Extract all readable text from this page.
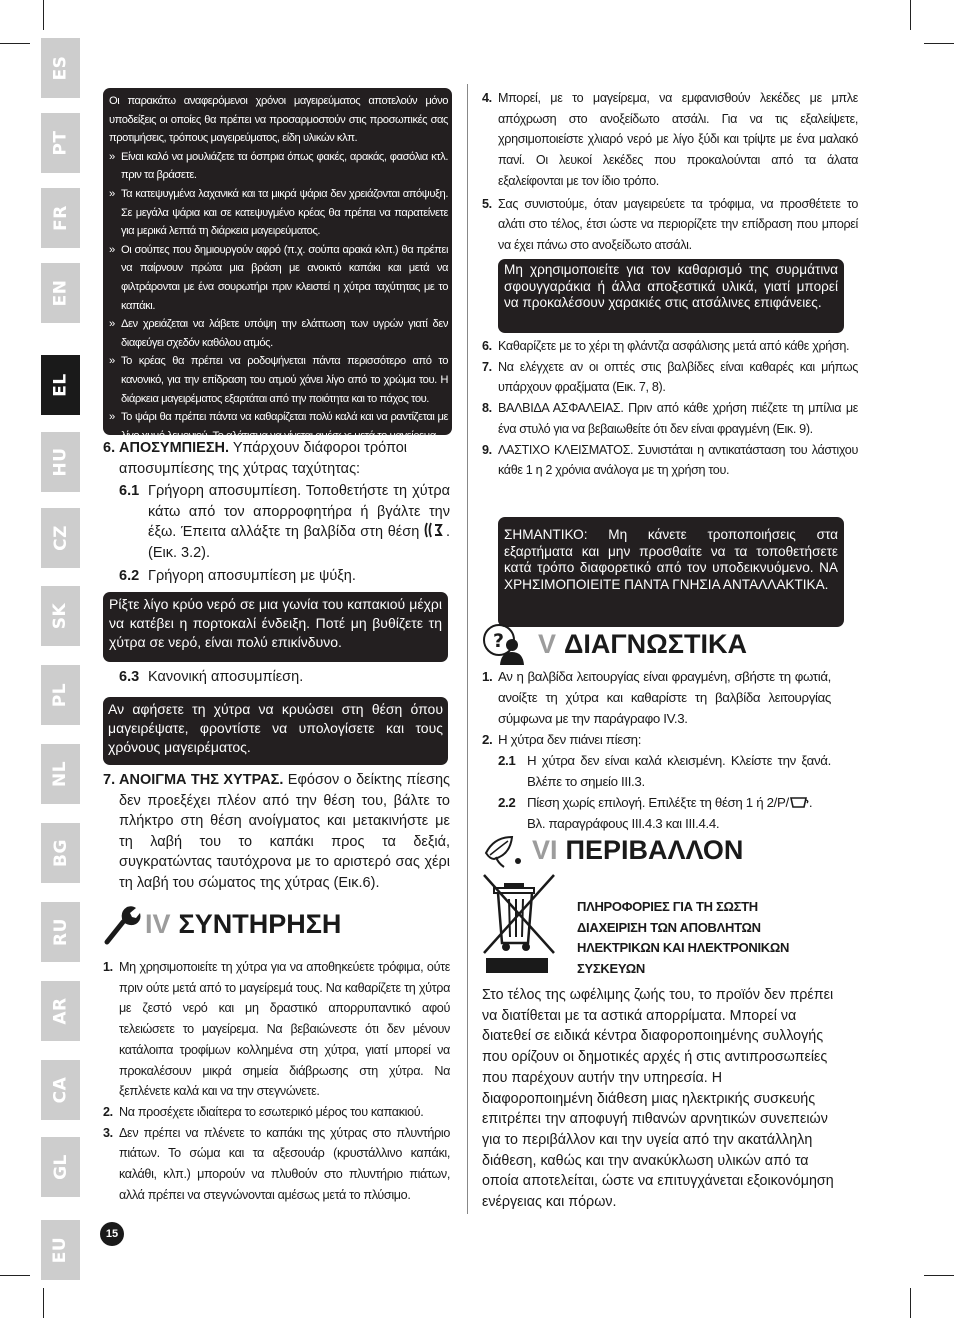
ES
PT
FR
EN
EL
HU
CZ
SK
PL
NL
BG
RU
AR
CA
GL
EU
15

Οι παρακάτω αναφερόμενοι χρόνοι μαγειρεύματος αποτελούν μόνο υποδείξεις οι οποίες θα πρέπει να προσαρμοστούν στις προσωπικές σας προτιμήσεις, τρόπους μαγειρεύματος, είδη υλικών κλπ.

» Είναι καλό να μουλιάζετε τα όσπρια όπως φακές, αρακάς, φασόλια κτλ. πριν τα βράσετε.
» Τα κατεψυγμένα λαχανικά και τα μικρά ψάρια δεν χρειάζονται απόψυξη. Σε μεγάλα ψάρια και σε κατεψυγμένο κρέας θα πρέπει να παρατείνετε για μερικά λεπτά τη διάρκεια μαγειρεύματος.
» Οι σούπες που δημιουργούν αφρό (π.χ. σούπα αρακά κλπ.) θα πρέπει να παίρνουν πρώτα μια βράση με ανοικτό καπάκι και μετά να φιλτράρονται με ένα σουρωτήρι πριν κλειστεί η χύτρα ταχύτητας με το καπάκι.
» Δεν χρειάζεται να λάβετε υπόψη την ελάττωση των υγρών γιατί δεν διαφεύγει σχεδόν καθόλου ατμός.
» Το κρέας θα πρέπει να ροδοψήνεται πάντα περισσότερο από το κανονικό, για την επίδραση του ατμού χάνει λίγο από το χρώμα του. Η διάρκεια μαγειρέματος εξαρτάται από την ποιότητα και το πάχος του.
» Το ψάρι θα πρέπει πάντα να καθαρίζεται πολύ καλά και να ραντίζεται με λίγο χυμό λεμονιού. Το αλάτισμα να γίνεται αμέσως μετά το μαγείρεμα.
6. ΑΠΟΣΥΜΠΙΕΣΗ. Υπάρχουν διάφοροι τρόποι αποσυμπίεσης της χύτρας ταχύτητας:
6.1 Γρήγορη αποσυμπίεση. Τοποθετήστε τη χύτρα κάτω από τον απορροφητήρα ή βγάλτε την έξω. Έπειτα αλλάξτε τη βαλβίδα στη θέση . (Εικ. 3.2).
6.2 Γρήγορη αποσυμπίεση με ψύξη.

Ρίξτε λίγο κρύο νερό σε μια γωνία του καπακιού μέχρι να κατέβει η πορτοκαλί ένδειξη. Ποτέ μη βυθίζετε τη χύτρα σε νερό, είναι πολύ επικίνδυνο.

6.3 Κανονική αποσυμπίεση.

Αν αφήσετε τη χύτρα να κρυώσει στη θέση όπου μαγειρέψατε, φροντίστε να υπολογίσετε και τους χρόνους μαγειρέματος.

7. ΑΝΟΙΓΜΑ ΤΗΣ ΧΥΤΡΑΣ. Εφόσον ο δείκτης πίεσης δεν προεξέχει πλέον από την θέση του, βάλτε το πλήκτρο στη θέση ανοίγματος και μετακινήστε με τη λαβή του το καπάκι προς τα δεξιά, συγκρατώντας ταυτόχρονα με το αριστερό σας χέρι τη λαβή του σώματος της χύτρας (Εικ.6).
IV ΣΥΝΤΗΡΗΣΗ
1. Μη χρησιμοποιείτε τη χύτρα για να αποθηκεύετε τρόφιμα, ούτε πριν ούτε μετά από το μαγείρεμά τους. Να καθαρίζετε τη χύτρα με ζεστό νερό και μη δραστικό απορρυπαντικό αφού τελειώσετε το μαγείρεμα. Να βεβαιώνεστε ότι δεν μένουν κατάλοιπα τροφίμων κολλημένα στη χύτρα, γιατί μπορεί να προκαλέσουν μικρά σημεία διάβρωσης στη χύτρα. Να ξεπλένετε καλά και να την στεγνώνετε.
2. Να προσέχετε ιδιαίτερα το εσωτερικό μέρος του καπακιού.
3. Δεν πρέπει να πλένετε το καπάκι της χύτρας στο πλυντήριο πιάτων. Το σώμα και τα αξεσουάρ (κρυστάλλινο καπάκι, καλάθι, κλπ.) μπορούν να πλυθούν στο πλυντήριο πιάτων, αλλά πρέπει να στεγνώνονται αμέσως μετά το πλύσιμο.
4. Μπορεί, με το μαγείρεμα, να εμφανισθούν λεκέδες με μπλε απόχρωση στο ανοξείδωτο ατσάλι. Για να τις εξαλείψετε, χρησιμοποιείστε χλιαρό νερό με λίγο ξύδι και τρίψτε με ένα μαλακό πανί. Οι λευκοί λεκέδες που προκαλούνται από τα άλατα εξαλείφονται με τον ίδιο τρόπο.
5. Σας συνιστούμε, όταν μαγειρεύετε τα τρόφιμα, να προσθέτετε το αλάτι στο τέλος, έτσι ώστε να περιορίζετε την επίδραση που μπορεί να έχει πάνω στο ανοξείδωτο ατσάλι.

Μη χρησιμοποιείτε για τον καθαρισμό της συρμάτινα σφουγγαράκια ή άλλα αποξεστικά υλικά, γιατί μπορεί να προκαλέσουν χαρακιές στις ατσάλινες επιφάνειες.

6. Καθαρίζετε με το χέρι τη φλάντζα ασφάλισης μετά από κάθε χρήση.
7. Να ελέγχετε αν οι οπτές στις βαλβίδες είναι καθαρές και μήπως υπάρχουν φραξίματα (Εικ. 7, 8).
8. ΒΑΛΒΙΔΑ ΑΣΦΑΛΕΙΑΣ. Πριν από κάθε χρήση πιέζετε τη μπίλια με ένα στυλό για να βεβαιωθείτε ότι δεν είναι φραγμένη (Εικ. 9).
9. ΛΑΣΤΙΧΟ ΚΛΕΙΣΜΑΤΟΣ. Συνιστάται η αντικατάσταση του λάστιχου κάθε 1 η 2 χρόνια ανάλογα με τη χρήση του.

ΣΗΜΑΝΤΙΚΟ: Μη κάνετε τροποποιήσεις στα εξαρτήματα και μην προσθαίτε να τα τοποθετήσετε κατά τρόπο διαφορετικό από τον υποδεικνυόμενο. ΝΑ ΧΡΗΣΙΜΟΠΟΙΕΙΤΕ ΠΑΝΤΑ ΓΝΗΣΙΑ ΑΝΤΑΛΛΑΚΤΙΚΑ.

? V ΔΙΑΓΝΩΣΤΙΚΑ
1. Αν η βαλβίδα λειτουργίας είναι φραγμένη, σβήστε τη φωτιά, ανοίξτε τη χύτρα και καθαρίστε τη βαλβίδα λειτουργίας σύμφωνα με την παράγραφο IV.3.
2. Η χύτρα δεν πιάνει πίεση:
2.1 Η χύτρα δεν είναι καλά κλεισμένη. Κλείστε την ξανά. Βλέπε το σημείο III.3.
2.2 Πίεση χωρίς επιλογή. Επιλέξτε τη θέση 1 ή 2/P/ . Βλ. παραγράφους III.4.3 και III.4.4.
VI ΠΕΡΙΒΑΛΛΟΝ
ΠΛΗΡΟΦΟΡΙΕΣ ΓΙΑ ΤΗ ΣΩΣΤΗ ΔΙΑΧΕΙΡΙΣΗ ΤΩΝ ΑΠΟΒΛΗΤΩΝ ΗΛΕΚΤΡΙΚΩΝ ΚΑΙ ΗΛΕΚΤΡΟΝΙΚΩΝ ΣΥΣΚΕΥΩΝ
Στο τέλος της ωφέλιμης ζωής του, το προϊόν δεν πρέπει να διατίθεται με τα αστικά απορρίματα. Μπορεί να διατεθεί σε ειδικά κέντρα διαφοροποιημένης συλλογής που ορίζουν οι δημοτικές αρχές ή στις αντιπροσωπείες που παρέχουν αυτήν την υπηρεσία. Η διαφοροποιημένη διάθεση μιας ηλεκτρικής συσκευής επιτρέπει την αποφυγή πιθανών αρνητικών συνεπειών για το περιβάλλον και την υγεία από την ακατάλληλη διάθεση, καθώς και την ανακύκλωση υλικών από τα οποία αποτελείται, ώστε να επιτυγχάνεται εξοικονόμηση ενέργειας και πόρων.
